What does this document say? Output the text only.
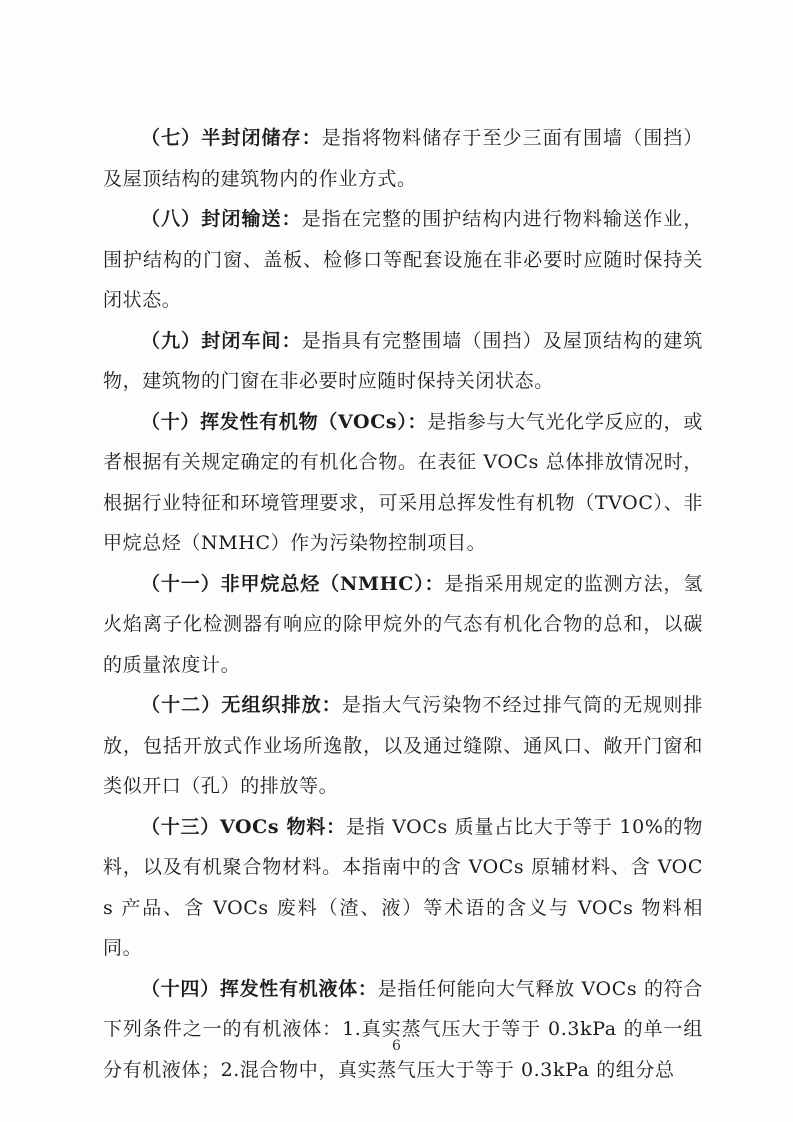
（七）半封闭储存：是指将物料储存于至少三面有围墙（围挡）及屋顶结构的建筑物内的作业方式。

（八）封闭输送：是指在完整的围护结构内进行物料输送作业，围护结构的门窗、盖板、检修口等配套设施在非必要时应随时保持关闭状态。

（九）封闭车间：是指具有完整围墙（围挡）及屋顶结构的建筑物，建筑物的门窗在非必要时应随时保持关闭状态。

（十）挥发性有机物（VOCs）：是指参与大气光化学反应的，或者根据有关规定确定的有机化合物。在表征 VOCs 总体排放情况时，根据行业特征和环境管理要求，可采用总挥发性有机物（TVOC）、非甲烷总烃（NMHC）作为污染物控制项目。

（十一）非甲烷总烃（NMHC）：是指采用规定的监测方法，氢火焰离子化检测器有响应的除甲烷外的气态有机化合物的总和，以碳的质量浓度计。

（十二）无组织排放：是指大气污染物不经过排气筒的无规则排放，包括开放式作业场所逸散，以及通过缝隙、通风口、敞开门窗和类似开口（孔）的排放等。

（十三）VOCs 物料：是指 VOCs 质量占比大于等于 10%的物料，以及有机聚合物材料。本指南中的含 VOCs 原辅材料、含 VOCs 产品、含 VOCs 废料（渣、液）等术语的含义与 VOCs 物料相同。

（十四）挥发性有机液体：是指任何能向大气释放 VOCs 的符合下列条件之一的有机液体：1.真实蒸气压大于等于 0.3kPa 的单一组分有机液体；2.混合物中，真实蒸气压大于等于 0.3kPa 的组分总

6
